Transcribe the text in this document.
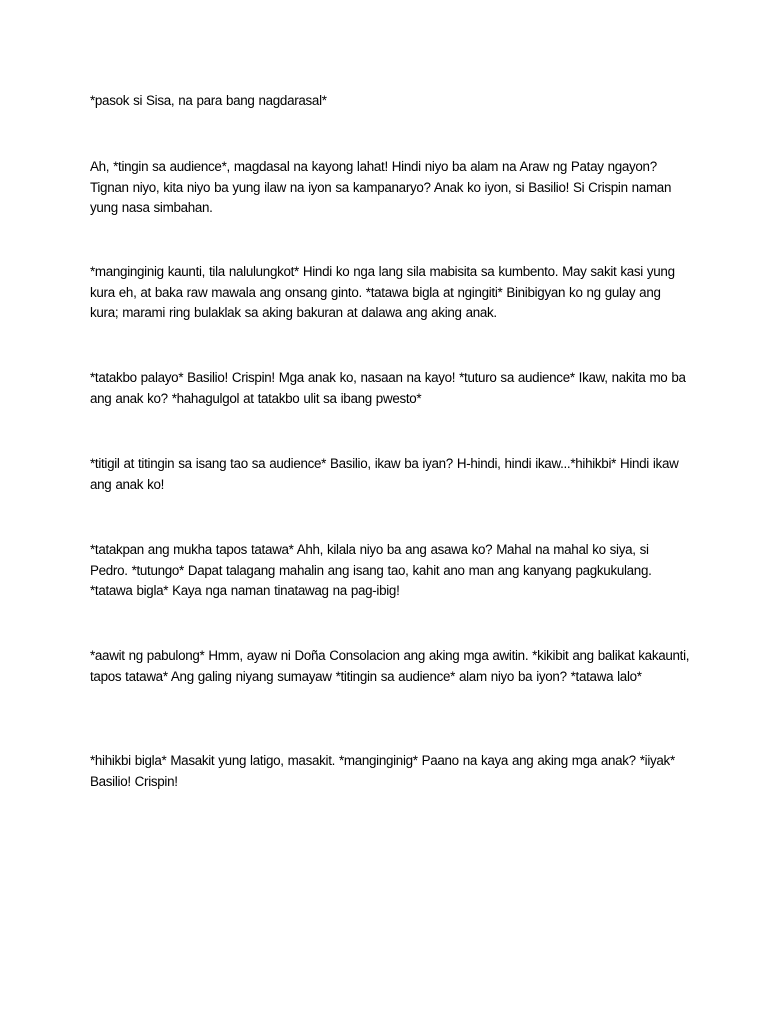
*pasok si Sisa, na para bang nagdarasal*

Ah, *tingin sa audience*, magdasal na kayong lahat! Hindi niyo ba alam na Araw ng Patay ngayon? Tignan niyo, kita niyo ba yung ilaw na iyon sa kampanaryo? Anak ko iyon, si Basilio! Si Crispin naman yung nasa simbahan.

*manginginig kaunti, tila nalulungkot* Hindi ko nga lang sila mabisita sa kumbento. May sakit kasi yung kura eh, at baka raw mawala ang onsang ginto. *tatawa bigla at ngingiti* Binibigyan ko ng gulay ang kura; marami ring bulaklak sa aking bakuran at dalawa ang aking anak.

*tatakbo palayo* Basilio! Crispin! Mga anak ko, nasaan na kayo! *tuturo sa audience* Ikaw, nakita mo ba ang anak ko? *hahagulgol at tatakbo ulit sa ibang pwesto*

*titigil at titingin sa isang tao sa audience* Basilio, ikaw ba iyan? H-hindi, hindi ikaw...*hihikbi* Hindi ikaw ang anak ko!

*tatakpan ang mukha tapos tatawa* Ahh, kilala niyo ba ang asawa ko? Mahal na mahal ko siya, si Pedro. *tutungo* Dapat talagang mahalin ang isang tao, kahit ano man ang kanyang pagkukulang. *tatawa bigla* Kaya nga naman tinatawag na pag-ibig!

*aawit ng pabulong* Hmm, ayaw ni Doña Consolacion ang aking mga awitin. *kikibit ang balikat kakaunti, tapos tatawa* Ang galing niyang sumayaw *titingin sa audience* alam niyo ba iyon? *tatawa lalo*

*hihikbi bigla* Masakit yung latigo, masakit. *manginginig* Paano na kaya ang aking mga anak? *iiyak* Basilio! Crispin!
